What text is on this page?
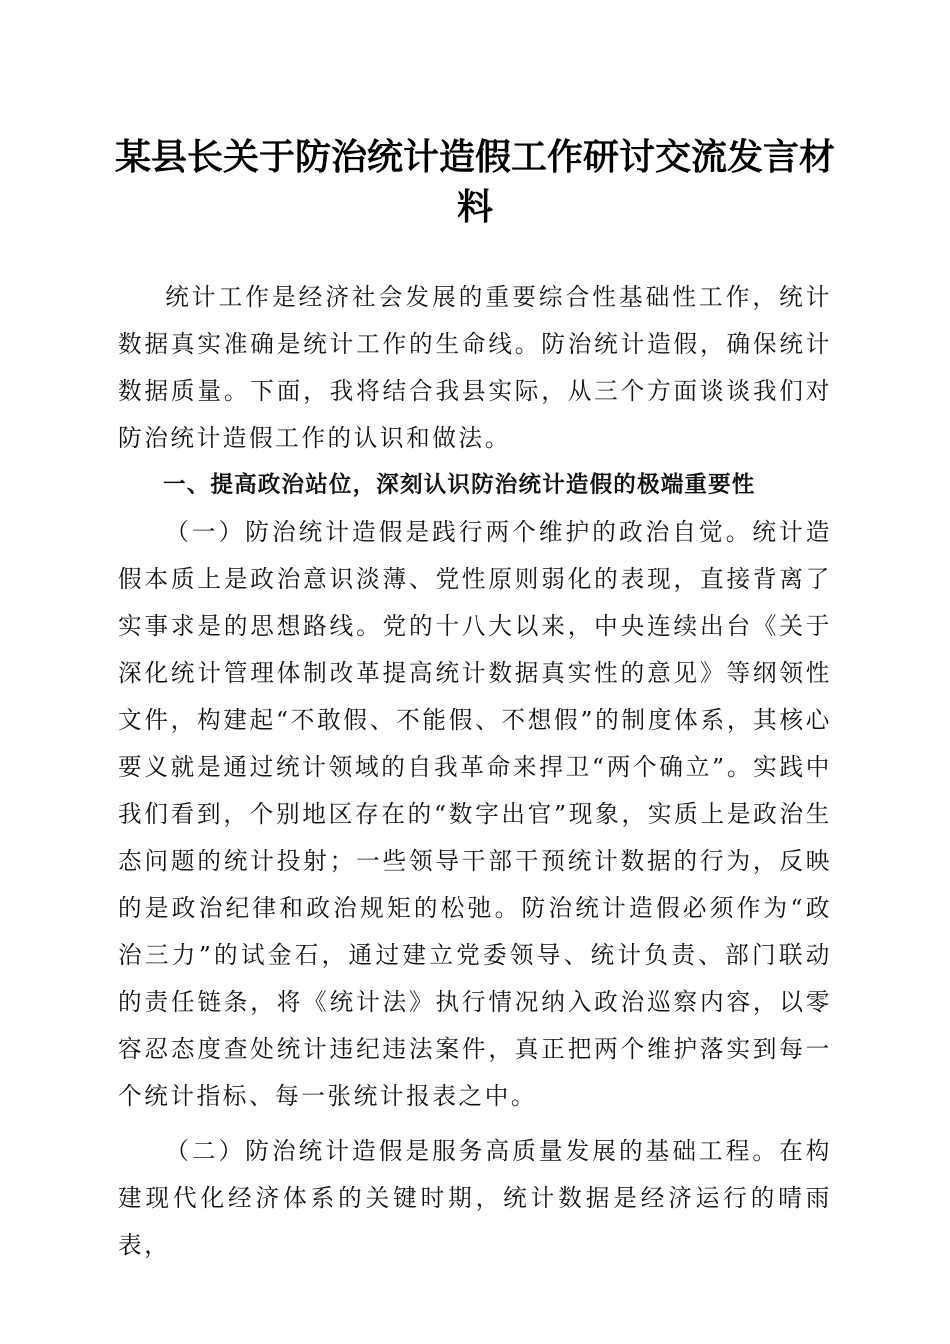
某县长关于防治统计造假工作研讨交流发言材料

统计工作是经济社会发展的重要综合性基础性工作，统计数据真实准确是统计工作的生命线。防治统计造假，确保统计数据质量。下面，我将结合我县实际，从三个方面谈谈我们对防治统计造假工作的认识和做法。

一、提高政治站位，深刻认识防治统计造假的极端重要性

（一）防治统计造假是践行两个维护的政治自觉。统计造假本质上是政治意识淡薄、党性原则弱化的表现，直接背离了实事求是的思想路线。党的十八大以来，中央连续出台《关于深化统计管理体制改革提高统计数据真实性的意见》等纲领性文件，构建起“不敢假、不能假、不想假”的制度体系，其核心要义就是通过统计领域的自我革命来捍卫“两个确立”。实践中我们看到，个别地区存在的“数字出官”现象，实质上是政治生态问题的统计投射；一些领导干部干预统计数据的行为，反映的是政治纪律和政治规矩的松弛。防治统计造假必须作为“政治三力”的试金石，通过建立党委领导、统计负责、部门联动的责任链条，将《统计法》执行情况纳入政治巡察内容，以零容忍态度查处统计违纪违法案件，真正把两个维护落实到每一个统计指标、每一张统计报表之中。

（二）防治统计造假是服务高质量发展的基础工程。在构建现代化经济体系的关键时期，统计数据是经济运行的晴雨表，
